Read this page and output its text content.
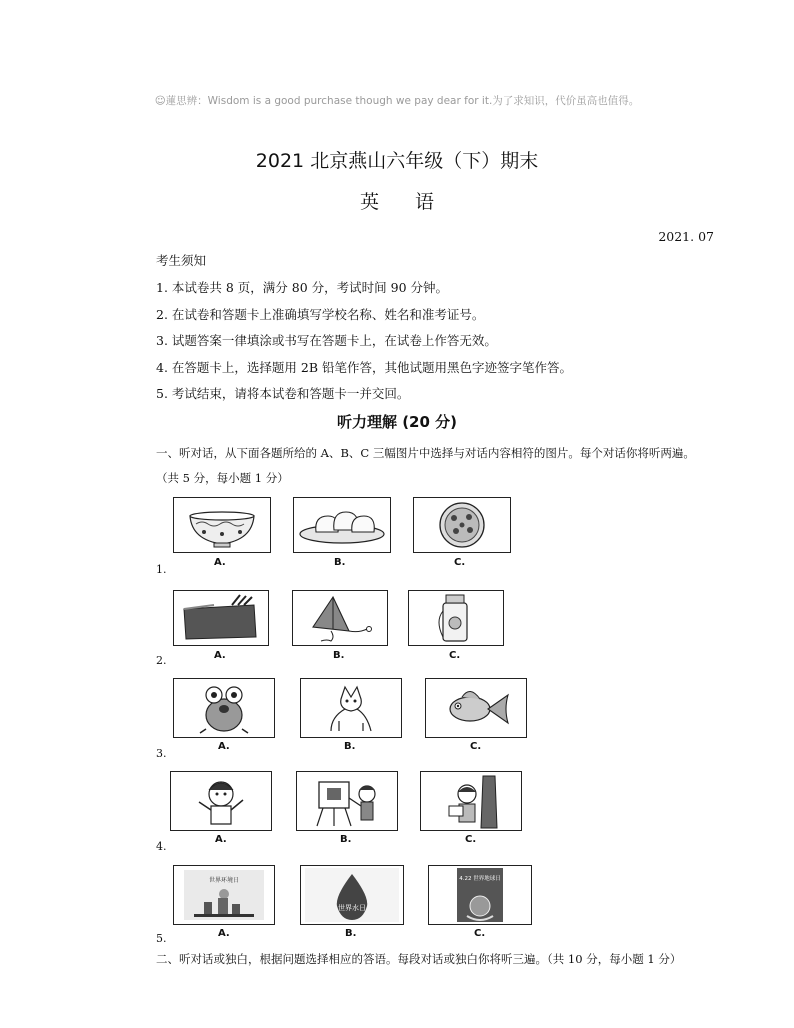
☺蓮思辨：Wisdom is a good purchase though we pay dear for it.为了求知识，代价虽高也值得。
2021 北京燕山六年级（下）期末
英语
2021. 07
考生须知
1. 本试卷共 8 页，满分 80 分，考试时间 90 分钟。
2. 在试卷和答题卡上准确填写学校名称、姓名和准考证号。
3. 试题答案一律填涂或书写在答题卡上，在试卷上作答无效。
4. 在答题卡上，选择题用 2B 铅笔作答，其他试题用黑色字迹签字笔作答。
5. 考试结束，请将本试卷和答题卡一并交回。
听力理解 (20 分)
一、听对话，从下面各题所给的 A、B、C 三幅图片中选择与对话内容相符的图片。每个对话你将听两遍。
（共 5 分，每小题 1 分）
1.
A.	B.	C.
2.	A.	B.	C.
3.
A.	B.	C.
4.
A.	B.	C.
5.
世界环境日
A.
世界水日
B.
4.22 世界地球日
C.
二、听对话或独白，根据问题选择相应的答语。每段对话或独白你将听三遍。（共 10 分，每小题 1 分）
